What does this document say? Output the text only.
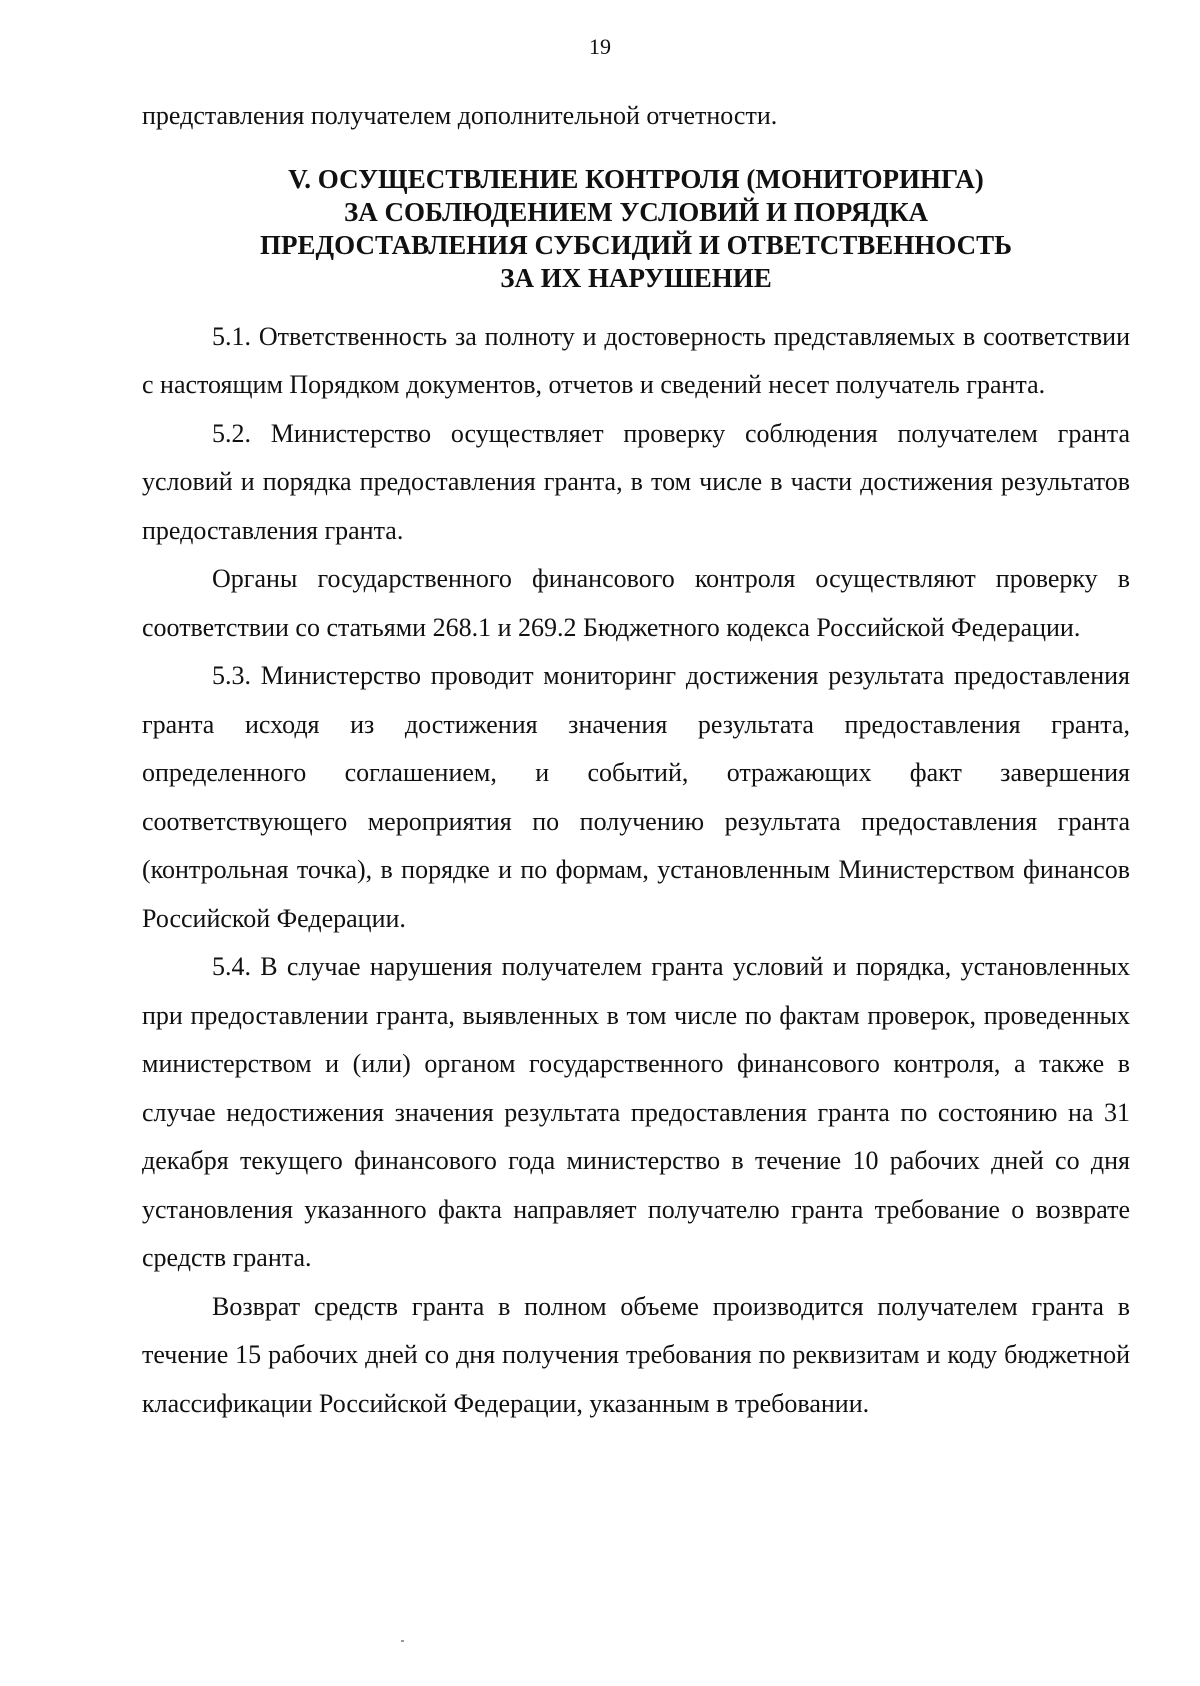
19

представления получателем дополнительной отчетности.

V. ОСУЩЕСТВЛЕНИЕ КОНТРОЛЯ (МОНИТОРИНГА)
ЗА СОБЛЮДЕНИЕМ УСЛОВИЙ И ПОРЯДКА
ПРЕДОСТАВЛЕНИЯ СУБСИДИЙ И ОТВЕТСТВЕННОСТЬ
ЗА ИХ НАРУШЕНИЕ

5.1. Ответственность за полноту и достоверность представляемых в соответствии с настоящим Порядком документов, отчетов и сведений несет получатель гранта.

5.2. Министерство осуществляет проверку соблюдения получателем гранта условий и порядка предоставления гранта, в том числе в части достижения результатов предоставления гранта.

Органы государственного финансового контроля осуществляют проверку в соответствии со статьями 268.1 и 269.2 Бюджетного кодекса Российской Федерации.

5.3. Министерство проводит мониторинг достижения результата предоставления гранта исходя из достижения значения результата предоставления гранта, определенного соглашением, и событий, отражающих факт завершения соответствующего мероприятия по получению результата предоставления гранта (контрольная точка), в порядке и по формам, установленным Министерством финансов Российской Федерации.

5.4. В случае нарушения получателем гранта условий и порядка, установленных при предоставлении гранта, выявленных в том числе по фактам проверок, проведенных министерством и (или) органом государственного финансового контроля, а также в случае недостижения значения результата предоставления гранта по состоянию на 31 декабря текущего финансового года министерство в течение 10 рабочих дней со дня установления указанного факта направляет получателю гранта требование о возврате средств гранта.

Возврат средств гранта в полном объеме производится получателем гранта в течение 15 рабочих дней со дня получения требования по реквизитам и коду бюджетной классификации Российской Федерации, указанным в требовании.
